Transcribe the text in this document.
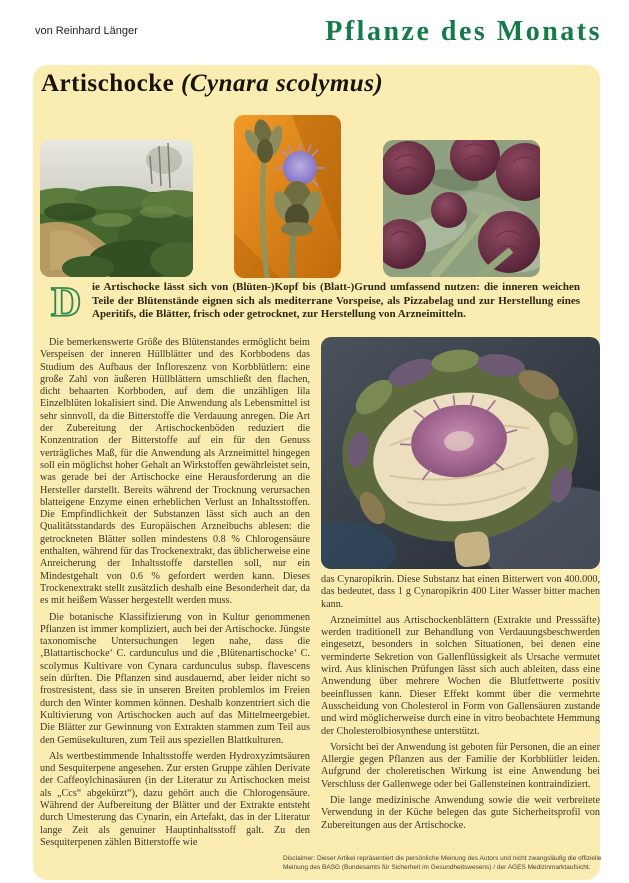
von Reinhard Länger	Pflanze des Monats
Artischocke (Cynara scolymus)
D ie Artischocke lässt sich von (Blüten-)Kopf bis (Blatt-)Grund umfassend nutzen: die inneren weichen Teile der Blütenstände eignen sich als mediterrane Vorspeise, als Pizzabelag und zur Herstellung eines Aperitifs, die Blätter, frisch oder getrocknet, zur Herstellung von Arzneimitteln.

Die bemerkenswerte Größe des Blütenstandes ermöglicht beim Verspeisen der inneren Hüllblätter und des Korbbodens das Studium des Aufbaus der Infloreszenz von Korbblütlern: eine große Zahl von äußeren Hüllblättern umschließt den flachen, dicht behaarten Korbboden, auf dem die unzähligen lila Einzelblüten lokalisiert sind. Die Anwendung als Lebensmittel ist sehr sinnvoll, da die Bitterstoffe die Verdauung anregen. Die Art der Zubereitung der Artischockenböden reduziert die Konzentration der Bitterstoffe auf ein für den Genuss verträgliches Maß, für die Anwendung als Arzneimittel hingegen soll ein möglichst hoher Gehalt an Wirkstoffen gewährleistet sein, was gerade bei der Artischocke eine Herausforderung an die Hersteller darstellt. Bereits während der Trocknung verursachen blatteigene Enzyme einen erheblichen Verlust an Inhaltsstoffen. Die Empfindlichkeit der Substanzen lässt sich auch an den Qualitätsstandards des Europäischen Arzneibuchs ablesen: die getrockneten Blätter sollen mindestens 0.8 % Chlorogensäure enthalten, während für das Trockenextrakt, das üblicherweise eine Anreicherung der Inhaltsstoffe darstellen soll, nur ein Mindestgehalt von 0.6 % gefordert werden kann. Dieses Trockenextrakt stellt zusätzlich deshalb eine Besonderheit dar, da es mit heißem Wasser hergestellt werden muss.

Die botanische Klassifizierung von in Kultur genommenen Pflanzen ist immer kompliziert, auch bei der Artischocke. Jüngste taxonomische Untersuchungen legen nahe, dass die ‚Blattartischocke‘ C. cardunculus und die ‚Blütenartischocke‘ C. scolymus Kultivare von Cynara cardunculus subsp. flavescens sein dürften. Die Pflanzen sind ausdauernd, aber leider nicht so frostresistent, dass sie in unseren Breiten problemlos im Freien durch den Winter kommen können. Deshalb konzentriert sich die Kultivierung von Artischocken auch auf das Mittelmeergebiet. Die Blätter zur Gewinnung von Extrakten stammen zum Teil aus den Gemüsekulturen, zum Teil aus speziellen Blattkulturen.

Als wertbestimmende Inhaltsstoffe werden Hydroxyzimtsäuren und Sesquiterpene angesehen. Zur ersten Gruppe zählen Derivate der Caffeoylchinasäuren (in der Literatur zu Artischocken meist als „Ccs“ abgekürzt“), dazu gehört auch die Chlorogensäure. Während der Aufbereitung der Blätter und der Extrakte entsteht durch Umesterung das Cynarin, ein Artefakt, das in der Literatur lange Zeit als genuiner Hauptinhaltsstoff galt. Zu den Sesquiterpenen zählen Bitterstoffe wie

das Cynaropikrin. Diese Substanz hat einen Bitterwert von 400.000, das bedeutet, dass 1 g Cynaropikrin 400 Liter Wasser bitter machen kann.

Arzneimittel aus Artischockenblättern (Extrakte und Presssäfte) werden traditionell zur Behandlung von Verdauungsbeschwerden eingesetzt, besonders in solchen Situationen, bei denen eine verminderte Sekretion von Gallenflüssigkeit als Ursache vermutet wird. Aus klinischen Prüfungen lässt sich auch ableiten, dass eine Anwendung über mehrere Wochen die Blutfettwerte positiv beeinflussen kann. Dieser Effekt kommt über die vermehrte Ausscheidung von Cholesterol in Form von Gallensäuren zustande und wird möglicherweise durch eine in vitro beobachtete Hemmung der Cholesterolbiosynthese unterstützt.

Vorsicht bei der Anwendung ist geboten für Personen, die an einer Allergie gegen Pflanzen aus der Familie der Korbblütler leiden. Aufgrund der choleretischen Wirkung ist eine Anwendung bei Verschluss der Gallenwege oder bei Gallensteinen kontraindiziert.

Die lange medizinische Anwendung sowie die weit verbreitete Verwendung in der Küche belegen das gute Sicherheitsprofil von Zubereitungen aus der Artischocke.

Disclaimer: Dieser Artikel repräsentiert die persönliche Meinung des Autors und nicht zwangsläufig die offizielle Meinung des BASG (Bundesamts für Sicherheit im Gesundheitswesens) / der AGES Medizinmarktaufsicht.
